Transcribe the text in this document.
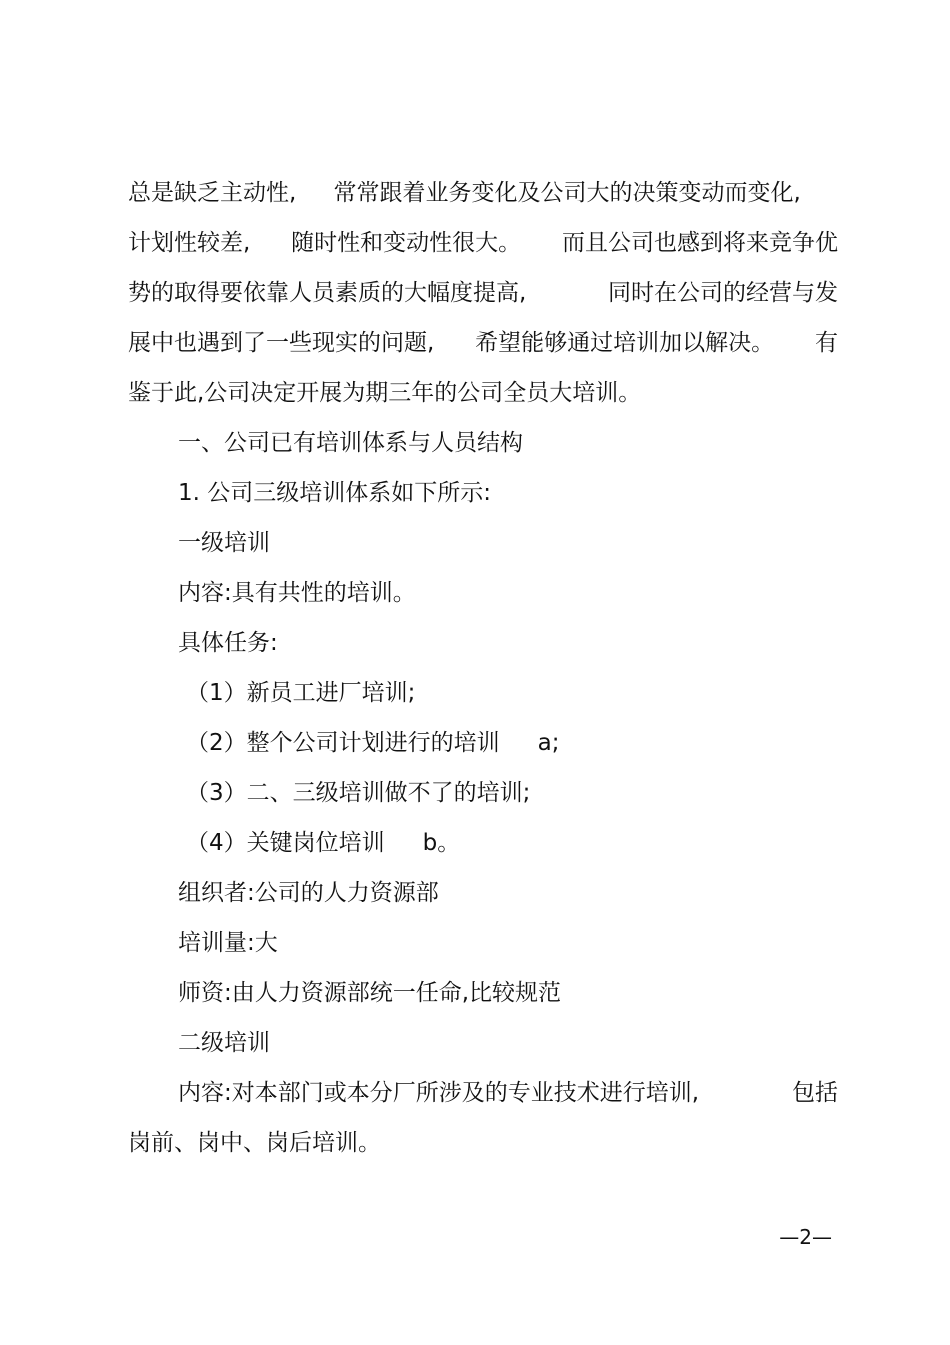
总是缺乏主动性, 常常跟着业务变化及公司大的决策变动而变化,
计划性较差, 随时性和变动性很大。 而且公司也感到将来竞争优
势的取得要依靠人员素质的大幅度提高,	同时在公司的经营与发
展中也遇到了一些现实的问题, 希望能够通过培训加以解决。 有
鉴于此,公司决定开展为期三年的公司全员大培训。
一、公司已有培训体系与人员结构
1. 公司三级培训体系如下所示:
一级培训
内容:具有共性的培训。
具体任务:
（1）新员工进厂培训;
（2）整个公司计划进行的培训 a;
（3）二、三级培训做不了的培训;
（4）关键岗位培训 b。
组织者:公司的人力资源部
培训量:大
师资:由人力资源部统一任命,比较规范
二级培训
内容:对本部门或本分厂所涉及的专业技术进行培训,	包括
岗前、岗中、岗后培训。
—2—
